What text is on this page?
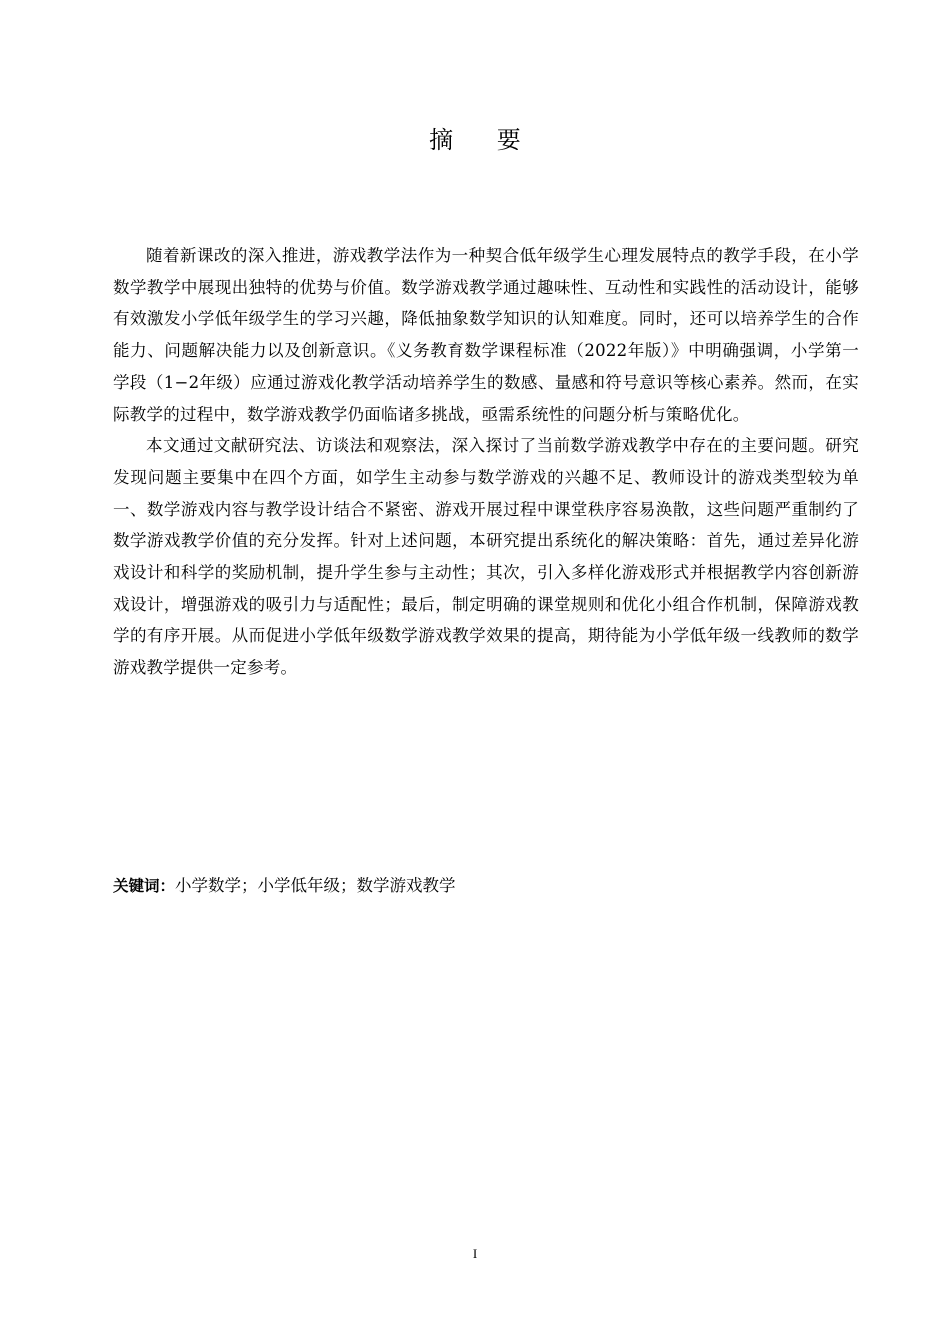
摘 要

随着新课改的深入推进，游戏教学法作为一种契合低年级学生心理发展特点的教学手段，在小学数学教学中展现出独特的优势与价值。数学游戏教学通过趣味性、互动性和实践性的活动设计，能够有效激发小学低年级学生的学习兴趣，降低抽象数学知识的认知难度。同时，还可以培养学生的合作能力、问题解决能力以及创新意识。《义务教育数学课程标准（2022年版）》中明确强调，小学第一学段（1−2年级）应通过游戏化教学活动培养学生的数感、量感和符号意识等核心素养。然而，在实际教学的过程中，数学游戏教学仍面临诸多挑战，亟需系统性的问题分析与策略优化。

本文通过文献研究法、访谈法和观察法，深入探讨了当前数学游戏教学中存在的主要问题。研究发现问题主要集中在四个方面，如学生主动参与数学游戏的兴趣不足、教师设计的游戏类型较为单一、数学游戏内容与教学设计结合不紧密、游戏开展过程中课堂秩序容易涣散，这些问题严重制约了数学游戏教学价值的充分发挥。针对上述问题，本研究提出系统化的解决策略：首先，通过差异化游戏设计和科学的奖励机制，提升学生参与主动性；其次，引入多样化游戏形式并根据教学内容创新游戏设计，增强游戏的吸引力与适配性；最后，制定明确的课堂规则和优化小组合作机制，保障游戏教学的有序开展。从而促进小学低年级数学游戏教学效果的提高，期待能为小学低年级一线教师的数学游戏教学提供一定参考。

关键词：小学数学；小学低年级；数学游戏教学
I
